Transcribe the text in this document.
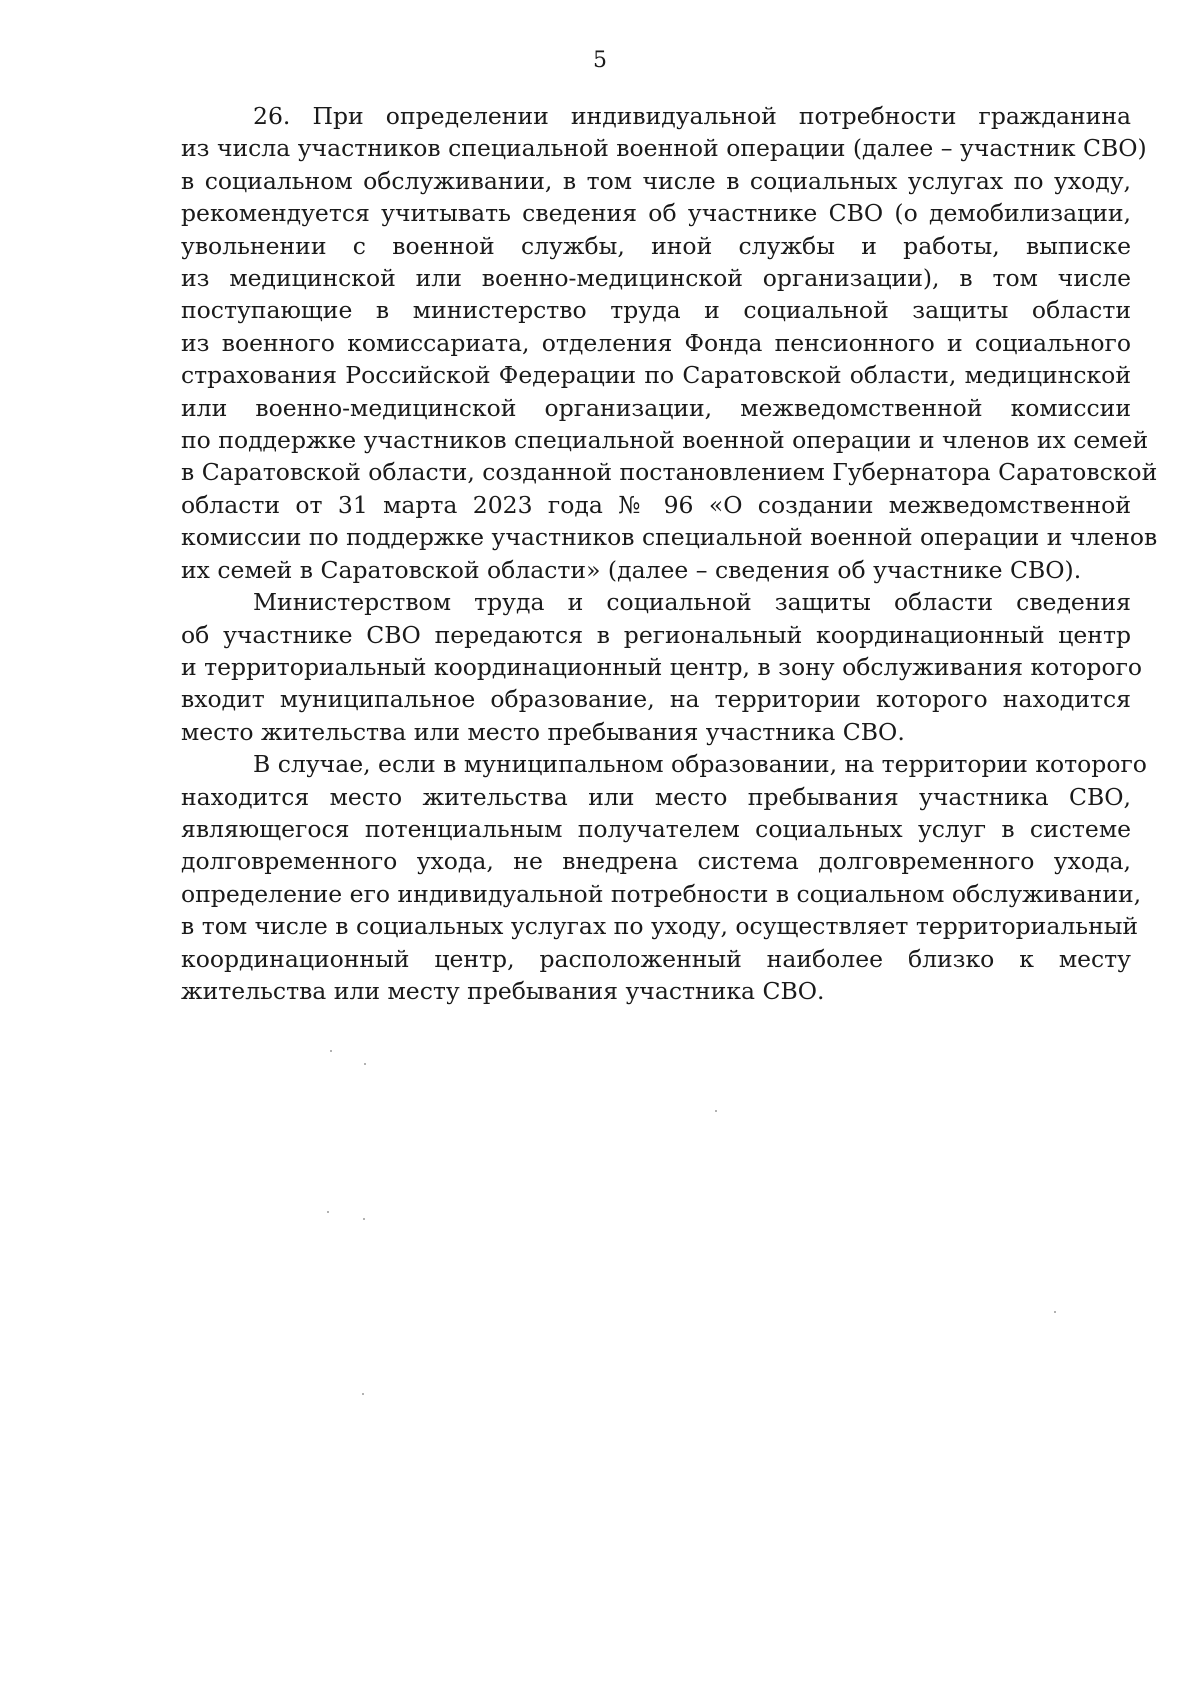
5

26. При определении индивидуальной потребности гражданина
из числа участников специальной военной операции (далее – участник СВО)
в социальном обслуживании, в том числе в социальных услугах по уходу,
рекомендуется учитывать сведения об участнике СВО (о демобилизации,
увольнении с военной службы, иной службы и работы, выписке
из медицинской или военно-медицинской организации), в том числе
поступающие в министерство труда и социальной защиты области
из военного комиссариата, отделения Фонда пенсионного и социального
страхования Российской Федерации по Саратовской области, медицинской
или военно-медицинской организации, межведомственной комиссии
по поддержке участников специальной военной операции и членов их семей
в Саратовской области, созданной постановлением Губернатора Саратовской
области от 31 марта 2023 года № 96 «О создании межведомственной
комиссии по поддержке участников специальной военной операции и членов
их семей в Саратовской области» (далее – сведения об участнике СВО).

Министерством труда и социальной защиты области сведения
об участнике СВО передаются в региональный координационный центр
и территориальный координационный центр, в зону обслуживания которого
входит муниципальное образование, на территории которого находится
место жительства или место пребывания участника СВО.

В случае, если в муниципальном образовании, на территории которого
находится место жительства или место пребывания участника СВО,
являющегося потенциальным получателем социальных услуг в системе
долговременного ухода, не внедрена система долговременного ухода,
определение его индивидуальной потребности в социальном обслуживании,
в том числе в социальных услугах по уходу, осуществляет территориальный
координационный центр, расположенный наиболее близко к месту
жительства или месту пребывания участника СВО.
